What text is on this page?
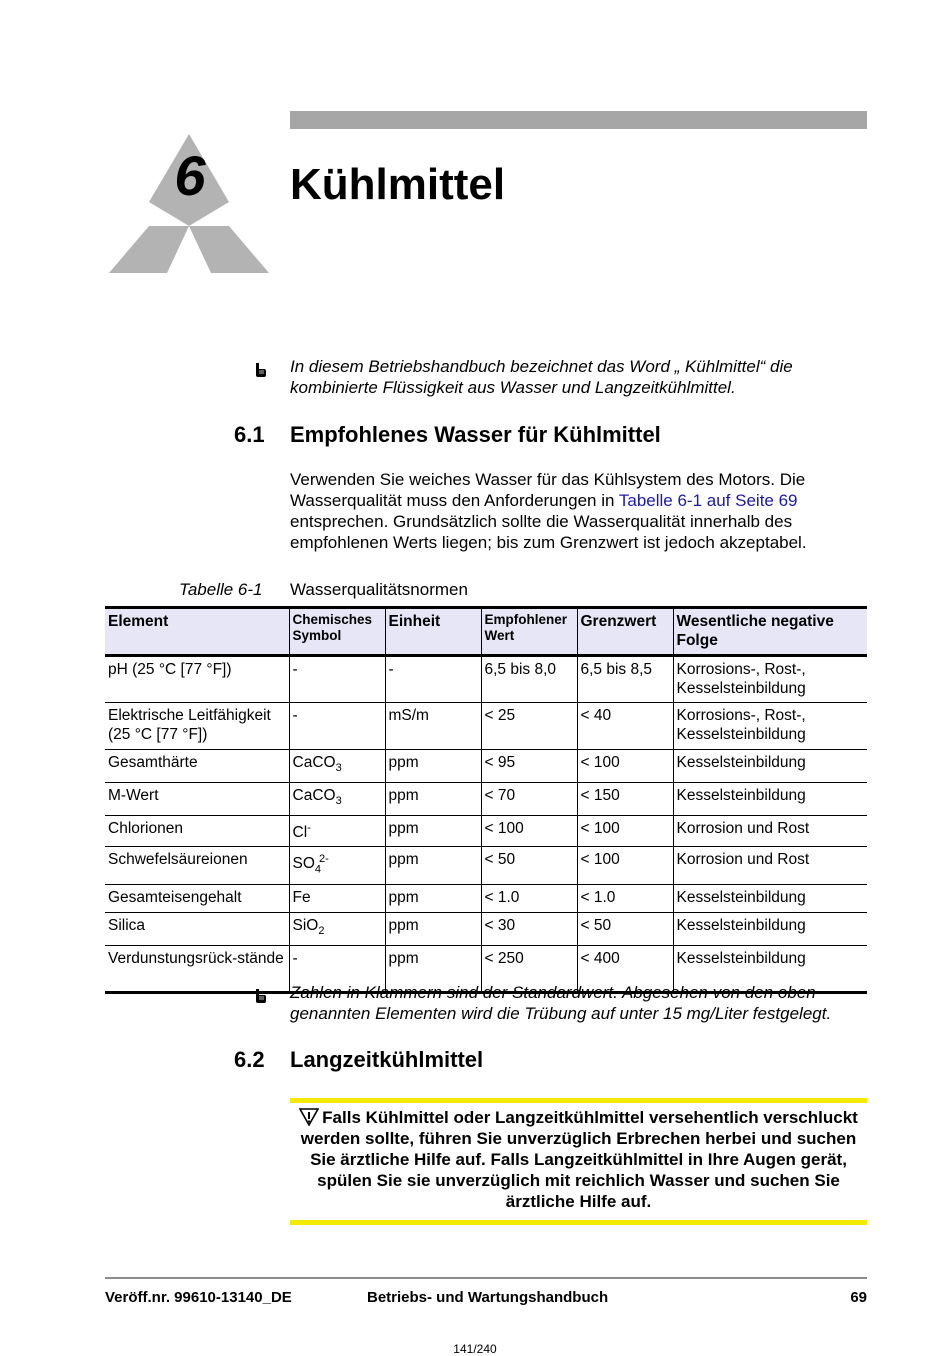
6	Kühlmittel
In diesem Betriebshandbuch bezeichnet das Word „ Kühlmittel“ die kombinierte Flüssigkeit aus Wasser und Langzeitkühlmittel.
6.1 Empfohlenes Wasser für Kühlmittel
Verwenden Sie weiches Wasser für das Kühlsystem des Motors. Die Wasserqualität muss den Anforderungen in Tabelle 6-1 auf Seite 69 entsprechen. Grundsätzlich sollte die Wasserqualität innerhalb des empfohlenen Werts liegen; bis zum Grenzwert ist jedoch akzeptabel.
Tabelle 6-1 Wasserqualitätsnormen
Element	Chemisches Symbol	Einheit	Empfohlener Wert	Grenzwert	Wesentliche negative Folge
pH (25 °C [77 °F])	-	-	6,5 bis 8,0	6,5 bis 8,5	Korrosions-, Rost-, Kesselsteinbildung
Elektrische Leitfähigkeit (25 °C [77 °F])	-	mS/m	< 25	< 40	Korrosions-, Rost-, Kesselsteinbildung
Gesamthärte	CaCO$_3$	ppm	< 95	< 100	Kesselsteinbildung
M-Wert	CaCO$_3$	ppm	< 70	< 150	Kesselsteinbildung
Chlorionen	Cl-	ppm	< 100	< 100	Korrosion und Rost
Schwefelsäureionen	$SO_4^{2-}$	ppm	< 50	< 100	Korrosion und Rost
Gesamteisengehalt	Fe	ppm	< 1.0	< 1.0	Kesselsteinbildung
Silica	SiO$_2$	ppm	< 30	< 50	Kesselsteinbildung
Verdunstungsrück-stände	-	ppm	< 250	< 400	Kesselsteinbildung
Zahlen in Klammern sind der Standardwert. Abgesehen von den oben genannten Elementen wird die Trübung auf unter 15 mg/Liter festgelegt.
6.2 Langzeitkühlmittel
Falls Kühlmittel oder Langzeitkühlmittel versehentlich verschluckt werden sollte, führen Sie unverzüglich Erbrechen herbei und suchen Sie ärztliche Hilfe auf. Falls Langzeitkühlmittel in Ihre Augen gerät, spülen Sie sie unverzüglich mit reichlich Wasser und suchen Sie ärztliche Hilfe auf.
Veröff.nr. 99610-13140_DE	Betriebs- und Wartungshandbuch	69
141/240
